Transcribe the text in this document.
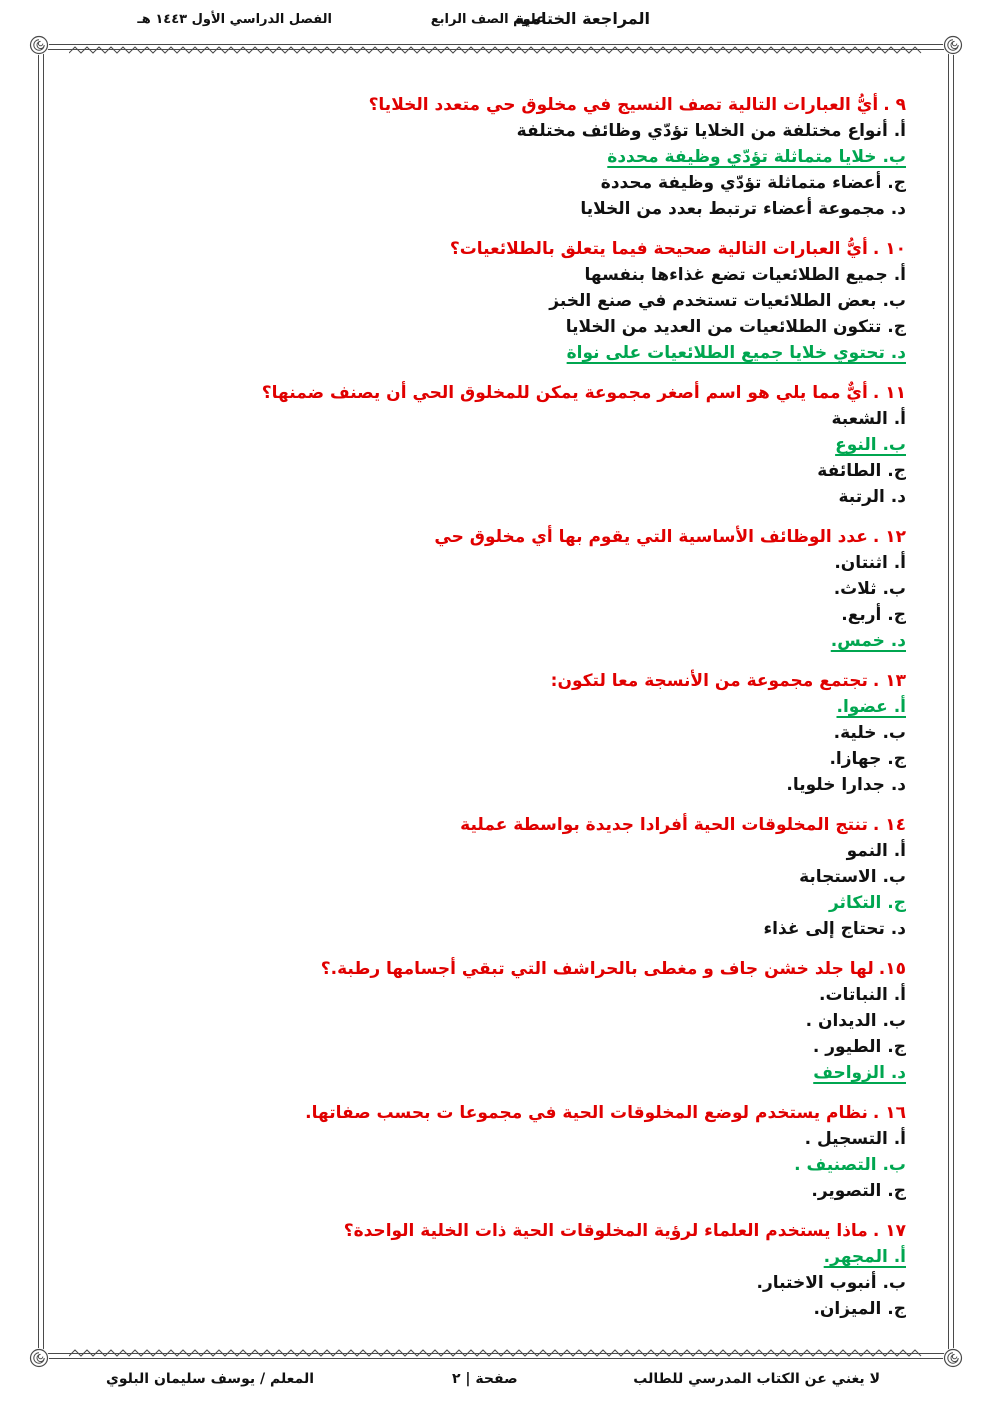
المراجعة الختامية
علوم الصف الرابع
الفصل الدراسي الأول ١٤٤٣ هـ
٩ .أيُّ العبارات التالية تصف النسيج في مخلوق حي متعدد الخلايا؟
أ. أنواع مختلفة من الخلايا تؤدّي وظائف مختلفة
ب. خلايا متماثلة تؤدّي وظيفة محددة
ج. أعضاء متماثلة تؤدّي وظيفة محددة
د. مجموعة أعضاء ترتبط بعدد من الخلايا
١٠ .أيُّ العبارات التالية صحيحة فيما يتعلق بالطلائعيات؟
أ. جميع الطلائعيات تضع غذاءها بنفسها
ب. بعض الطلائعيات تستخدم في صنع الخبز
ج. تتكون الطلائعيات من العديد من الخلايا
د. تحتوي خلايا جميع الطلائعيات على نواة
١١ .أيٌّ مما يلي هو اسم أصغر مجموعة يمكن للمخلوق الحي أن يصنف ضمنها؟
أ. الشعبة
ب. النوع
ج. الطائفة
د. الرتبة
١٢ .عدد الوظائف الأساسية التي يقوم بها أي مخلوق حي
أ. اثنتان.
ب. ثلاث.
ج. أربع.
د. خمس.
١٣ .تجتمع مجموعة من الأنسجة معا لتكون:
أ. عضوا.
ب. خلية.
ج. جهازا.
د. جدارا خلويا.
١٤ .تنتج المخلوقات الحية أفرادا جديدة بواسطة عملية
أ. النمو
ب. الاستجابة
ج. التكاثر
د. تحتاج إلى غذاء
١٥.لها جلد خشن جاف و مغطى بالحراشف التي تبقي أجسامها رطبة.؟
أ. النباتات.
ب. الديدان .
ج. الطيور .
د. الزواحف
١٦ .نظام يستخدم لوضع المخلوقات الحية في مجموعا ت بحسب صفاتها.
أ. التسجيل .
ب. التصنيف .
ج. التصوير.
١٧ .ماذا يستخدم العلماء لرؤية المخلوقات الحية ذات الخلية الواحدة؟
أ. المجهر.
ب. أنبوب الاختبار.
ج. الميزان.
لا يغني عن الكتاب المدرسي للطالب
صفحة | ٢
المعلم / يوسف سليمان البلوي
